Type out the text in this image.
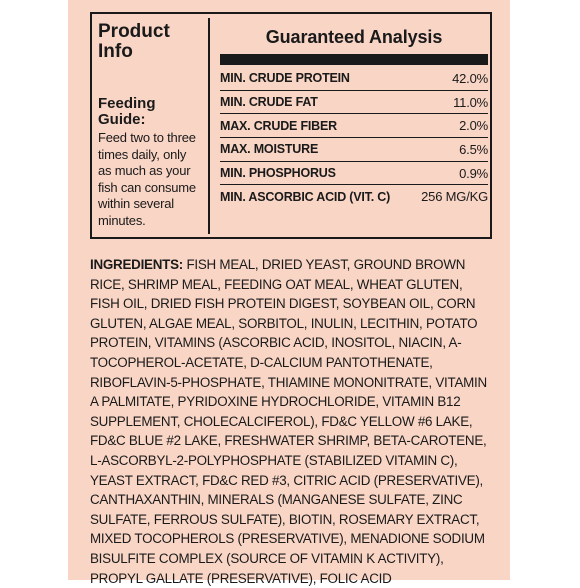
Product
Info
Feeding
Guide:
Feed two to three times daily, only as much as your fish can consume within several minutes.
Guaranteed Analysis
MIN. CRUDE PROTEIN	42.0%
MIN. CRUDE FAT	11.0%
MAX. CRUDE FIBER	2.0%
MAX. MOISTURE	6.5%
MIN. PHOSPHORUS	0.9%
MIN. ASCORBIC ACID (VIT. C) 256 MG/KG
INGREDIENTS: FISH MEAL, DRIED YEAST, GROUND BROWN RICE, SHRIMP MEAL, FEEDING OAT MEAL, WHEAT GLUTEN, FISH OIL, DRIED FISH PROTEIN DIGEST, SOYBEAN OIL, CORN GLUTEN, ALGAE MEAL, SORBITOL, INULIN, LECITHIN, POTATO PROTEIN, VITAMINS (ASCORBIC ACID, INOSITOL, NIACIN, A-TOCOPHEROL-ACETATE, D-CALCIUM PANTOTHENATE, RIBOFLAVIN-5-PHOSPHATE, THIAMINE MONONITRATE, VITAMIN A PALMITATE, PYRIDOXINE HYDROCHLORIDE, VITAMIN B12 SUPPLEMENT, CHOLECALCIFEROL), FD&C YELLOW #6 LAKE, FD&C BLUE #2 LAKE, FRESHWATER SHRIMP, BETA-CAROTENE, L-ASCORBYL-2-POLYPHOSPHATE (STABILIZED VITAMIN C), YEAST EXTRACT, FD&C RED #3, CITRIC ACID (PRESERVATIVE), CANTHAXANTHIN, MINERALS (MANGANESE SULFATE, ZINC SULFATE, FERROUS SULFATE), BIOTIN, ROSEMARY EXTRACT, MIXED TOCOPHEROLS (PRESERVATIVE), MENADIONE SODIUM BISULFITE COMPLEX (SOURCE OF VITAMIN K ACTIVITY), PROPYL GALLATE (PRESERVATIVE), FOLIC ACID
